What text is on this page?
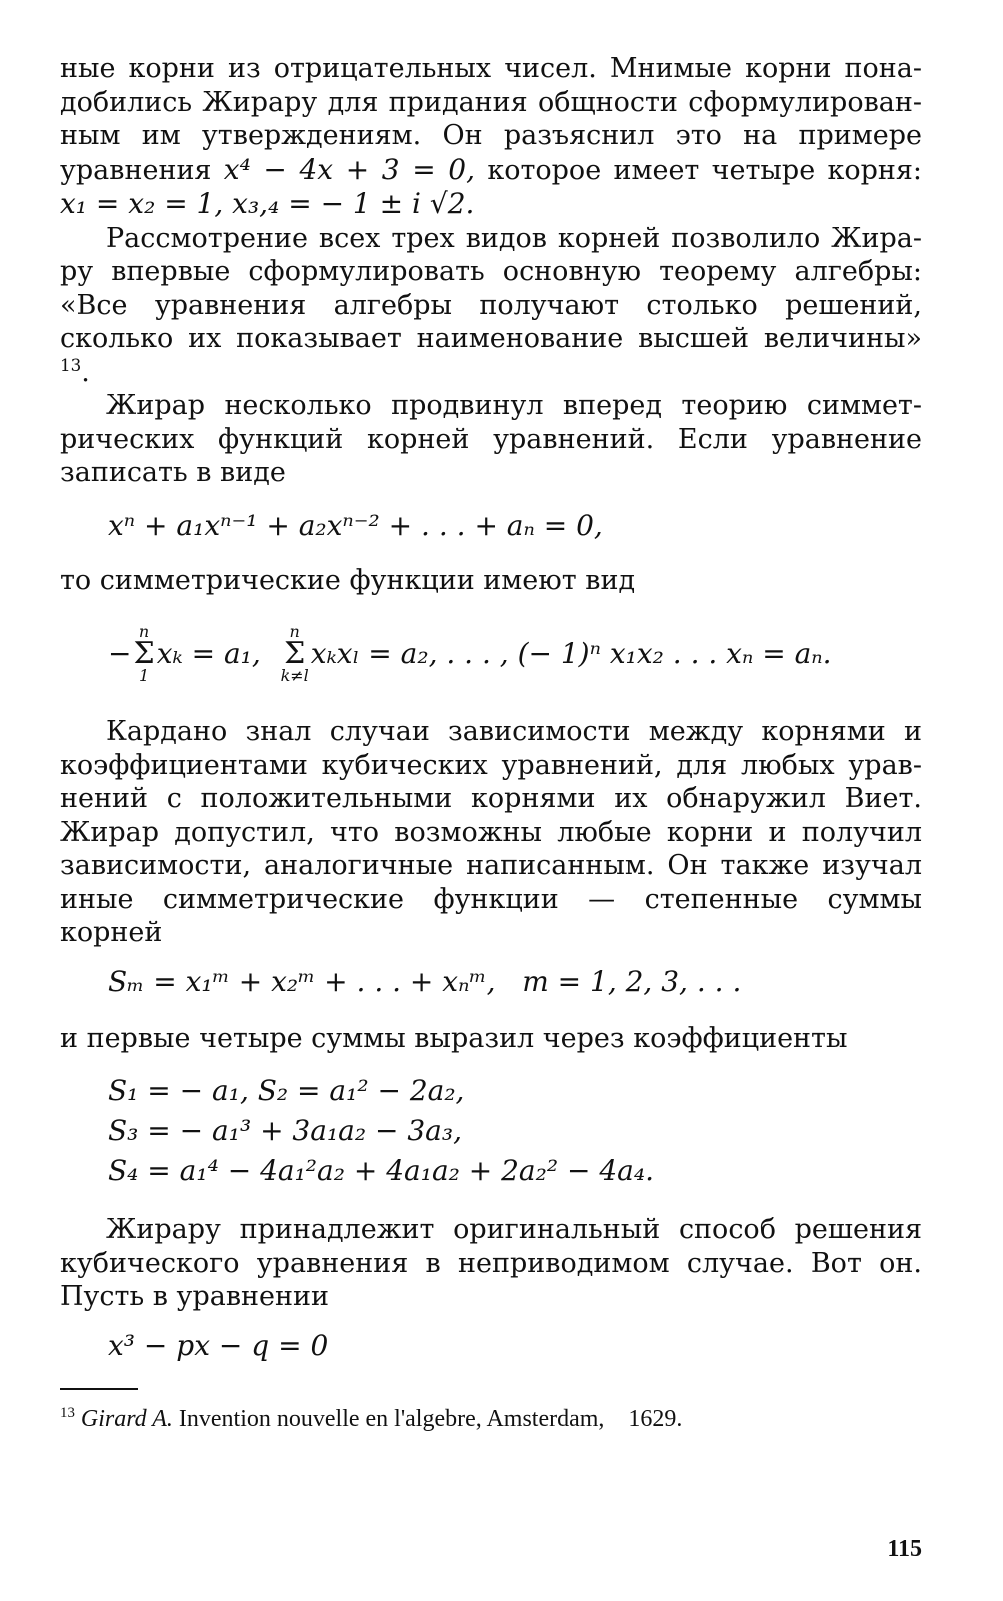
ные корни из отрицательных чисел. Мнимые корни пона-

добились Жирару для придания общности сформулирован-

ным им утверждениям. Он разъяснил это на примере

уравнения x⁴ − 4x + 3 = 0, которое имеет четыре корня:

x₁ = x₂ = 1, x₃,₄ = − 1 ± i √2.

Рассмотрение всех трех видов корней позволило Жира-

ру впервые сформулировать основную теорему алгебры:

«Все уравнения алгебры получают столько решений,

сколько их показывает наименование высшей величины» $^{13}$.

Жирар несколько продвинул вперед теорию симмет-

рических функций корней уравнений. Если уравнение

записать в виде

xⁿ + a₁xⁿ⁻¹ + a₂xⁿ⁻² + . . . + aₙ = 0,

то симметрические функции имеют вид

−
n
Σ
1
xₖ = a₁,
n
Σ
k≠l
xₖxₗ = a₂, . . . , (− 1)ⁿ x₁x₂ . . . xₙ = aₙ.

Кардано знал случаи зависимости между корнями и

коэффициентами кубических уравнений, для любых урав-

нений с положительными корнями их обнаружил Виет.

Жирар допустил, что возможны любые корни и получил

зависимости, аналогичные написанным. Он также изучал

иные симметрические функции — степенные суммы корней

Sₘ = x₁ᵐ + x₂ᵐ + . . . + xₙᵐ,   m = 1, 2, 3, . . .

и первые четыре суммы выразил через коэффициенты

S₁ = − a₁, S₂ = a₁² − 2a₂,
S₃ = − a₁³ + 3a₁a₂ − 3a₃,
S₄ = a₁⁴ − 4a₁²a₂ + 4a₁a₂ + 2a₂² − 4a₄.

Жирару принадлежит оригинальный способ решения

кубического уравнения в неприводимом случае. Вот он.

Пусть в уравнении

x³ − px − q = 0

$^{13}$ Girard A. Invention nouvelle en l'algebre, Amsterdam, 1629.

115
